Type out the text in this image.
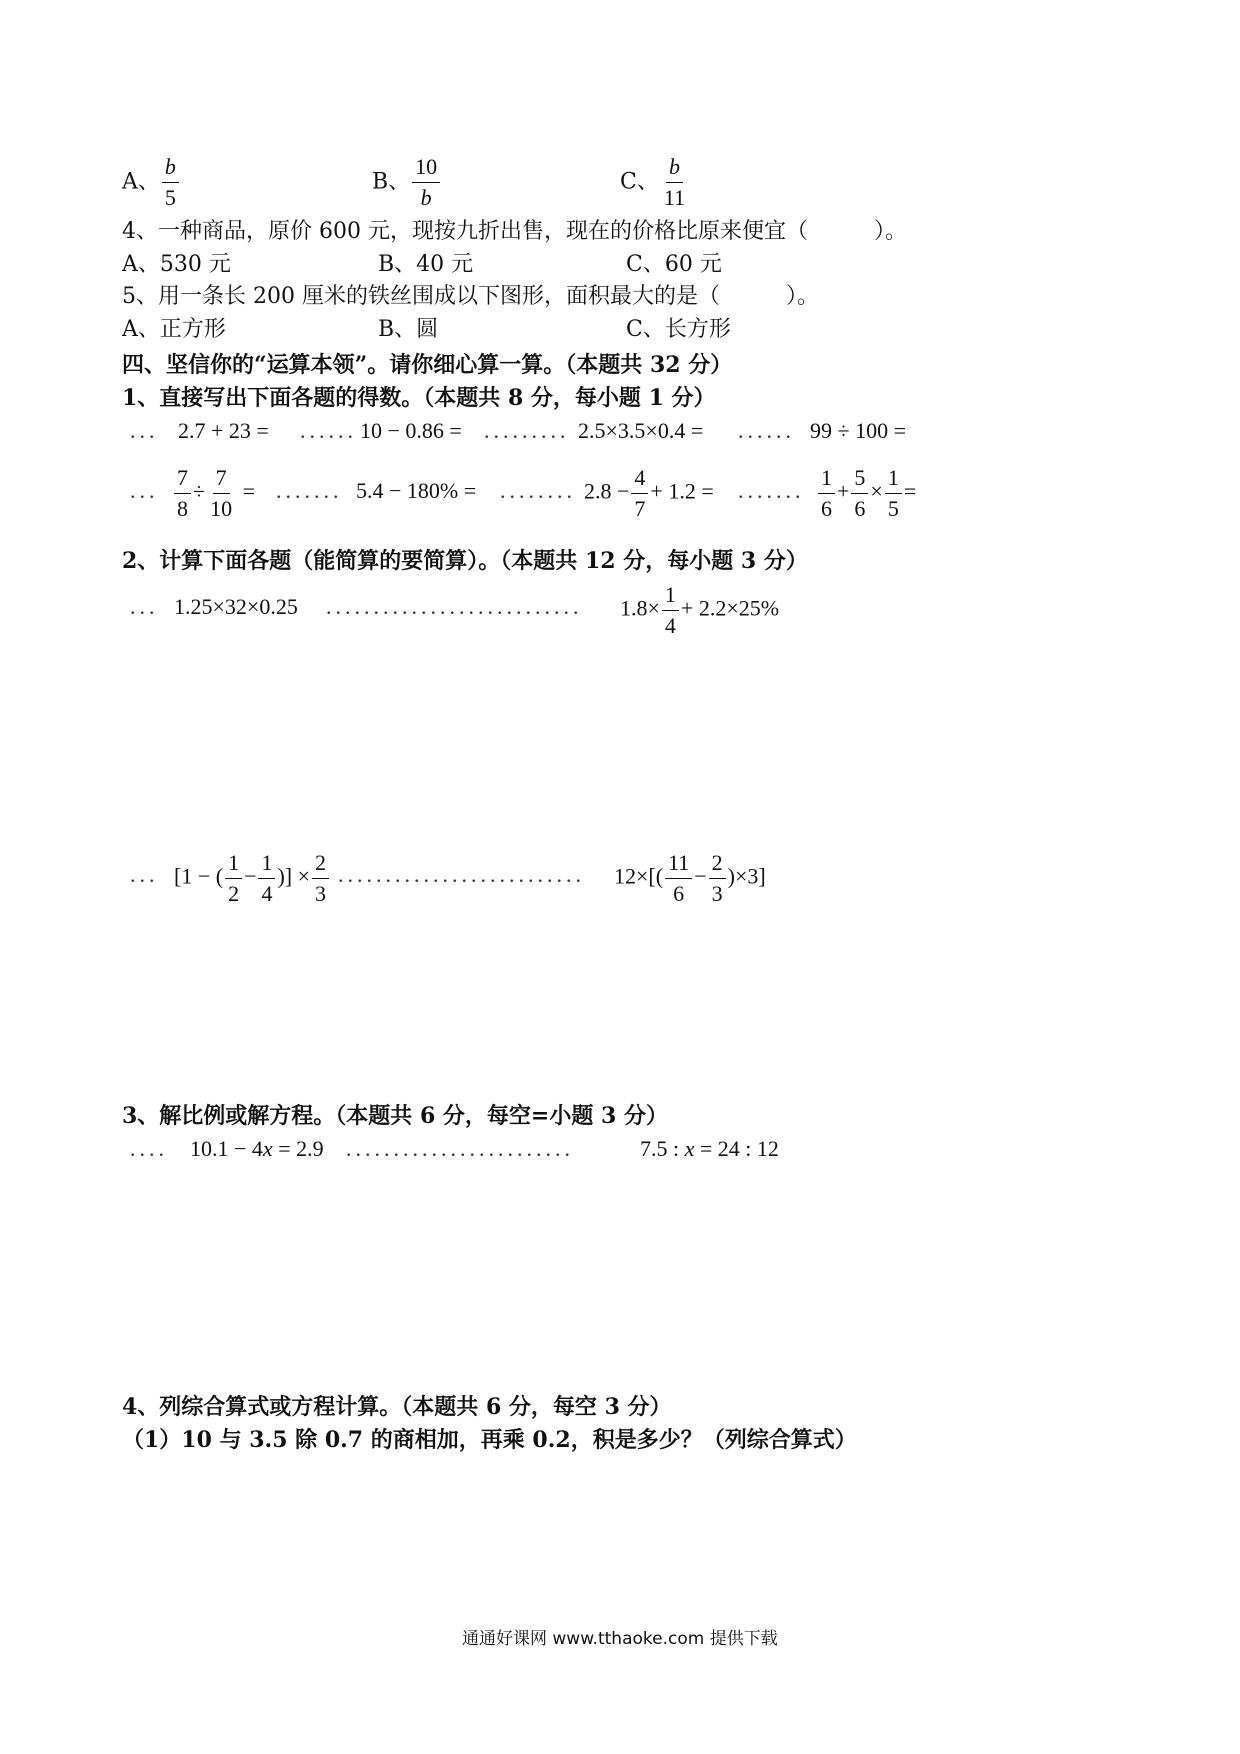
A、 $\frac{b}{5}$	B、 $\frac{10}{b}$	C、 $\frac{b}{11}$
4、一种商品，原价 600 元，现按九折出售，现在的价格比原来便宜（　　　）。
A、530 元	B、40 元	C、60 元
5、用一条长 200 厘米的铁丝围成以下图形，面积最大的是（　　　）。
A、正方形	B、圆	C、长方形
四、坚信你的“运算本领”。请你细心算一算。（本题共 32 分）
1、直接写出下面各题的得数。（本题共 8 分，每小题 1 分）
... 2.7 + 23 = ...... 10 − 0.86 = ......... 2.5×3.5×0.4 = ...... 99 ÷ 100 =
... $\frac{7}{8} \div \frac{7}{10}$ = ....... 5.4 − 180% = ........ $2.8 - \frac{4}{7} + 1.2$ = ....... $\frac{1}{6} + \frac{5}{6} \times \frac{1}{5}$ =
2、计算下面各题（能简算的要简算）。（本题共 12 分，每小题 3 分）
... 1.25×32×0.25 ........................... $1.8\times \frac{1}{4} + 2.2\times 25\%$
... [1 − ( $\frac{1}{2} - \frac{1}{4}$ )] × $\frac{2}{3}$ .......................... $12\times[( \frac{11}{6} - \frac{2}{3} )\times 3]$
3、解比例或解方程。（本题共 6 分，每空=小题 3 分）
.... 10.1 − 4x = 2.9 ........................	7.5 : x = 24 : 12
4、列综合算式或方程计算。（本题共 6 分，每空 3 分）
（1）10 与 3.5 除 0.7 的商相加，再乘 0.2，积是多少？（列综合算式）
通通好课网 www.tthaoke.com 提供下载
